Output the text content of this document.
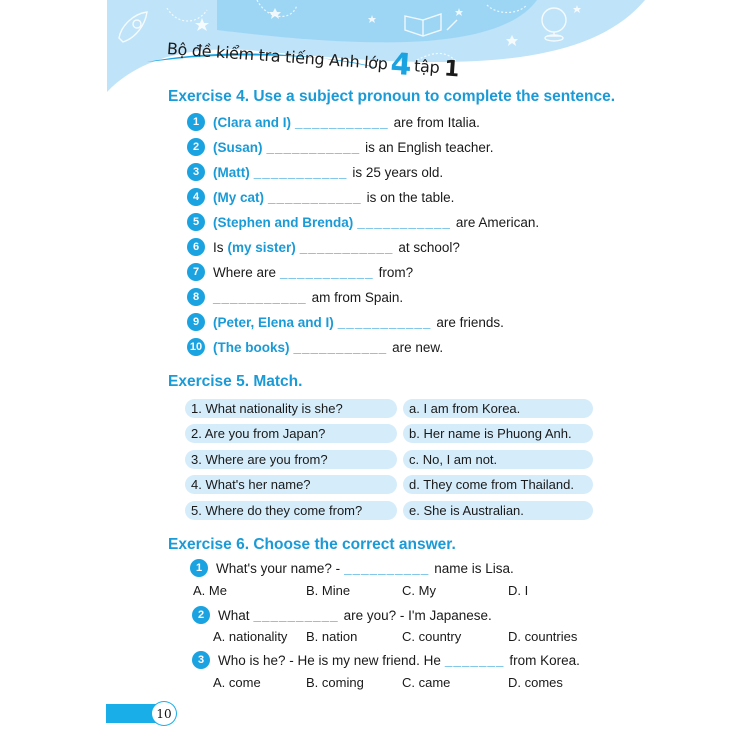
Bộ đề kiểm tra tiếng Anh lớp4tập 1
Exercise 4. Use a subject pronoun to complete the sentence.
1	(Clara and I) ___________ are from Italia.
2	(Susan) ___________ is an English teacher.
3	(Matt) ___________ is 25 years old.
4	(My cat) ___________ is on the table.
5	(Stephen and Brenda) ___________ are American.
6	Is (my sister) ___________ at school?
7	Where are ___________ from?
8	___________ am from Spain.
9	(Peter, Elena and I) ___________ are friends.
10 (The books) ___________ are new.
Exercise 5. Match.
1. What nationality is she?	a. I am from Korea.
2. Are you from Japan?	b. Her name is Phuong Anh.
3. Where are you from?	c. No, I am not.
4. What's her name?	d. They come from Thailand.
5. Where do they come from?	e. She is Australian.
Exercise 6. Choose the correct answer.
1	What's your name? - __________ name is Lisa.
A. Me	B. Mine	C. My	D. I
2	What __________ are you? - I'm Japanese.
A. nationality B. nation	C. country	D. countries
3	Who is he? - He is my new friend. He _______ from Korea.
A. come	B. coming	C. came	D. comes
10
